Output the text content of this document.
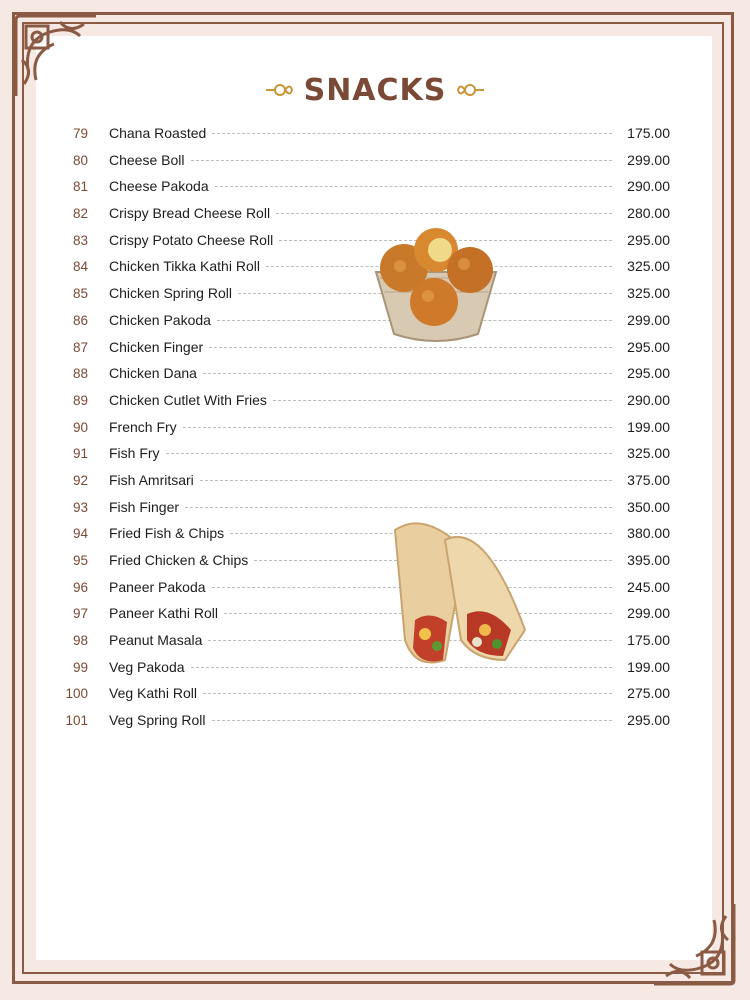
SNACKS
79 Chana Roasted	175.00
80 Cheese Boll	299.00
81 Cheese Pakoda	290.00
82 Crispy Bread Cheese Roll	280.00
83 Crispy Potato Cheese Roll	295.00
84 Chicken Tikka Kathi Roll	325.00
85 Chicken Spring Roll	325.00
86 Chicken Pakoda	299.00
87 Chicken Finger	295.00
88 Chicken Dana	295.00
89 Chicken Cutlet With Fries	290.00
90 French Fry	199.00
91 Fish Fry	325.00
92 Fish Amritsari	375.00
93 Fish Finger	350.00
94 Fried Fish & Chips	380.00
95 Fried Chicken & Chips	395.00
96 Paneer Pakoda	245.00
97 Paneer Kathi Roll	299.00
98 Peanut Masala	175.00
99 Veg Pakoda	199.00
100 Veg Kathi Roll	275.00
101 Veg Spring Roll	295.00
